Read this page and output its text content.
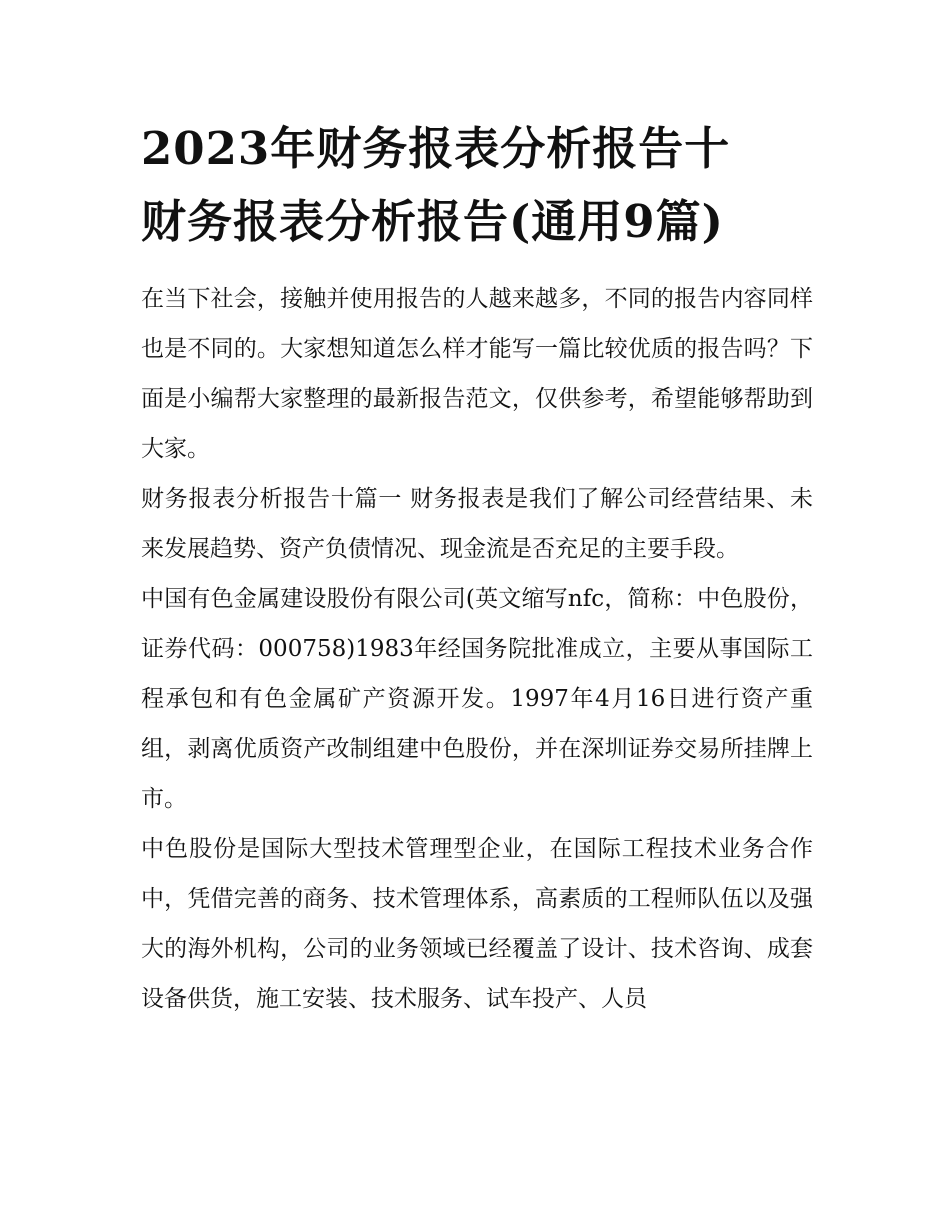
2023年财务报表分析报告十
财务报表分析报告(通用9篇)

在当下社会，接触并使用报告的人越来越多，不同的报告内容同样也是不同的。大家想知道怎么样才能写一篇比较优质的报告吗？下面是小编帮大家整理的最新报告范文，仅供参考，希望能够帮助到大家。

财务报表分析报告十篇一 财务报表是我们了解公司经营结果、未来发展趋势、资产负债情况、现金流是否充足的主要手段。

中国有色金属建设股份有限公司(英文缩写nfc，简称：中色股份，证券代码：000758)1983年经国务院批准成立，主要从事国际工程承包和有色金属矿产资源开发。1997年4月16日进行资产重组，剥离优质资产改制组建中色股份，并在深圳证券交易所挂牌上市。

中色股份是国际大型技术管理型企业，在国际工程技术业务合作中，凭借完善的商务、技术管理体系，高素质的工程师队伍以及强大的海外机构，公司的业务领域已经覆盖了设计、技术咨询、成套设备供货，施工安装、技术服务、试车投产、人员
